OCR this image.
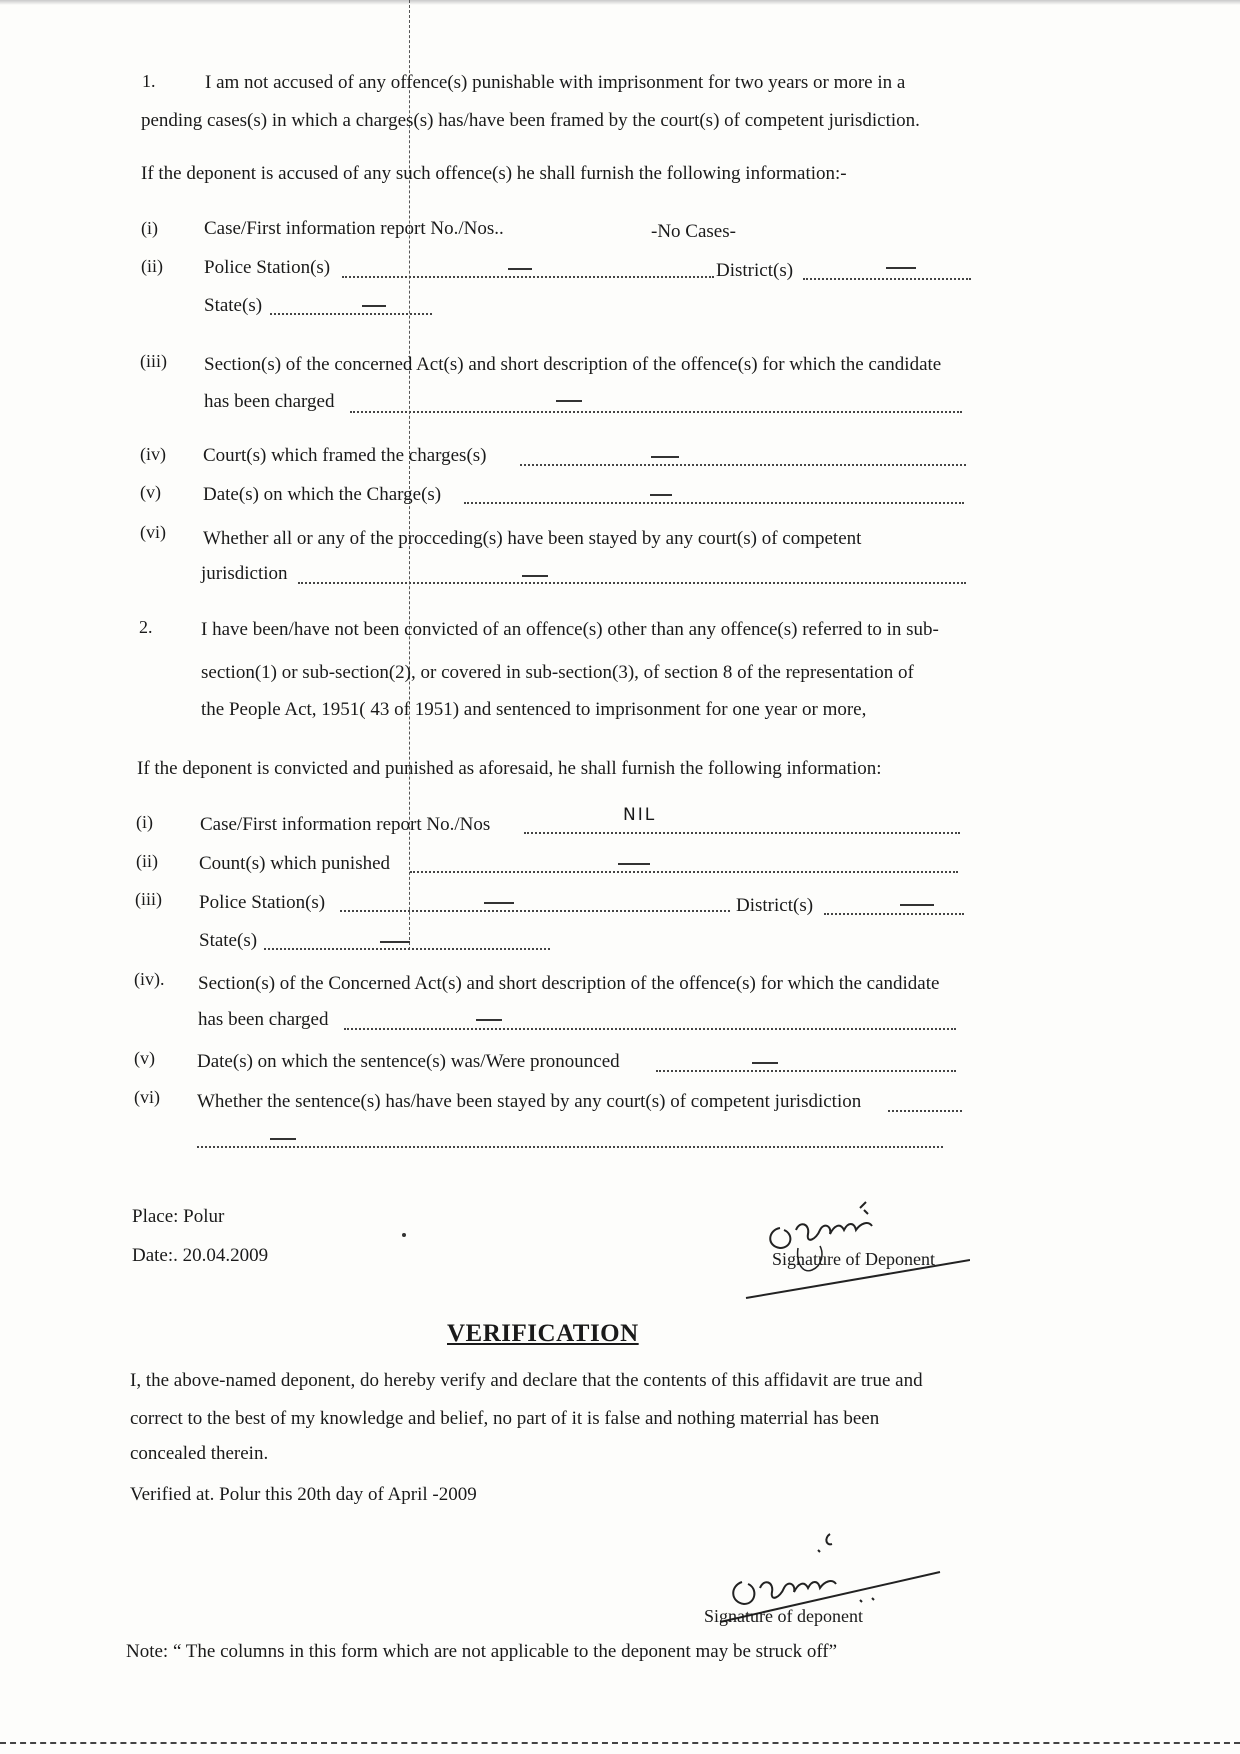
1.	I am not accused of any offence(s) punishable with imprisonment for two years or more in a
pending cases(s) in which a charges(s) has/have been framed by the court(s) of competent jurisdiction.
If the deponent is accused of any such offence(s) he shall furnish the following information:-
(i) Case/First information report No./Nos..	-No Cases-
(ii) Police Station(s)	District(s)
State(s)
(iii) Section(s) of the concerned Act(s) and short description of the offence(s) for which the candidate
has been charged
(iv) Court(s) which framed the charges(s)
(v) Date(s) on which the Charge(s)
(vi) Whether all or any of the procceding(s) have been stayed by any court(s) of competent
jurisdiction
2.	I have been/have not been convicted of an offence(s) other than any offence(s) referred to in sub-
section(1) or sub-section(2), or covered in sub-section(3), of section 8 of the representation of
the People Act, 1951( 43 of 1951) and sentenced to imprisonment for one year or more,
If the deponent is convicted and punished as aforesaid, he shall furnish the following information:
(i) Case/First information report No./Nos	NIL
(ii) Count(s) which punished
(iii) Police Station(s)	District(s)
State(s)
(iv). Section(s) of the Concerned Act(s) and short description of the offence(s) for which the candidate
has been charged
(v) Date(s) on which the sentence(s) was/Were pronounced
(vi) Whether the sentence(s) has/have been stayed by any court(s) of competent jurisdiction
Place: Polur
Date:. 20.04.2009	Signature of Deponent
VERIFICATION
I, the above-named deponent, do hereby verify and declare that the contents of this affidavit are true and
correct to the best of my knowledge and belief, no part of it is false and nothing materrial has been
concealed therein.
Verified at. Polur this 20th day of April -2009
Signature of deponent
Note: “ The columns in this form which are not applicable to the deponent may be struck off”
